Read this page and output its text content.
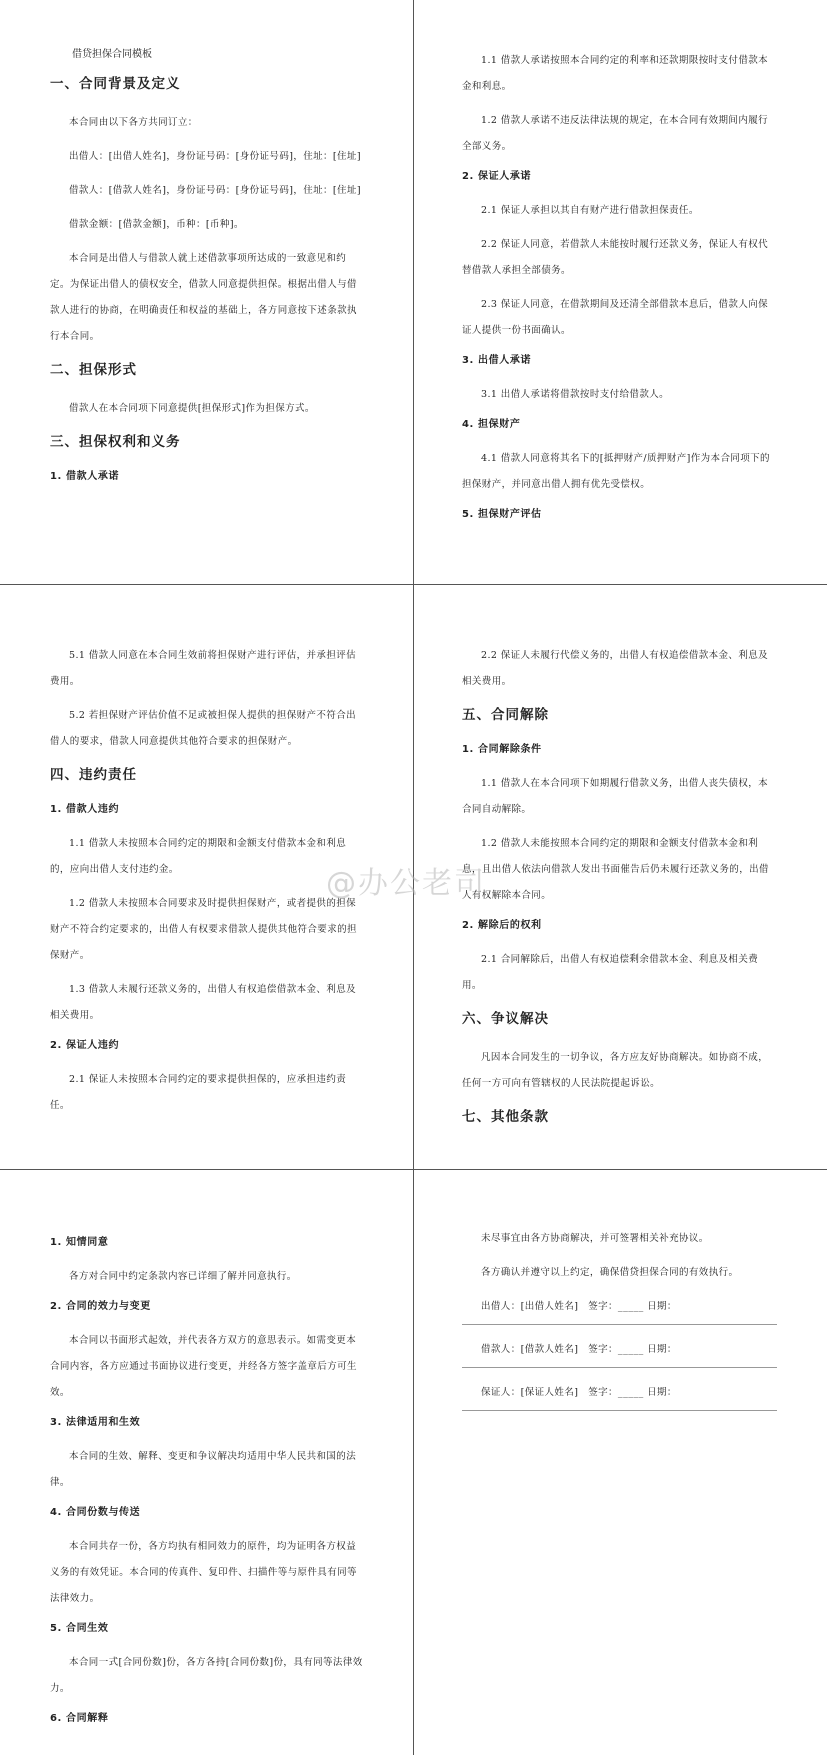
借贷担保合同模板
一、合同背景及定义

本合同由以下各方共同订立：

出借人：[出借人姓名]，身份证号码：[身份证号码]，住址：[住址]

借款人：[借款人姓名]，身份证号码：[身份证号码]，住址：[住址]

借款金额：[借款金额]，币种：[币种]。

本合同是出借人与借款人就上述借款事项所达成的一致意见和约定。为保证出借人的债权安全，借款人同意提供担保。根据出借人与借款人进行的协商，在明确责任和权益的基础上，各方同意按下述条款执行本合同。

二、担保形式

借款人在本合同项下同意提供[担保形式]作为担保方式。

三、担保权利和义务
1. 借款人承诺

1.1 借款人承诺按照本合同约定的利率和还款期限按时支付借款本金和利息。

1.2 借款人承诺不违反法律法规的规定，在本合同有效期间内履行全部义务。

2. 保证人承诺

2.1 保证人承担以其自有财产进行借款担保责任。

2.2 保证人同意，若借款人未能按时履行还款义务，保证人有权代替借款人承担全部债务。

2.3 保证人同意，在借款期间及还清全部借款本息后，借款人向保证人提供一份书面确认。

3. 出借人承诺

3.1 出借人承诺将借款按时支付给借款人。

4. 担保财产

4.1 借款人同意将其名下的[抵押财产/质押财产]作为本合同项下的担保财产，并同意出借人拥有优先受偿权。

5. 担保财产评估

5.1 借款人同意在本合同生效前将担保财产进行评估，并承担评估费用。

5.2 若担保财产评估价值不足或被担保人提供的担保财产不符合出借人的要求，借款人同意提供其他符合要求的担保财产。

四、违约责任
1. 借款人违约

1.1 借款人未按照本合同约定的期限和金额支付借款本金和利息的，应向出借人支付违约金。

1.2 借款人未按照本合同要求及时提供担保财产，或者提供的担保财产不符合约定要求的，出借人有权要求借款人提供其他符合要求的担保财产。

1.3 借款人未履行还款义务的，出借人有权追偿借款本金、利息及相关费用。

2. 保证人违约

2.1 保证人未按照本合同约定的要求提供担保的，应承担违约责任。

2.2 保证人未履行代偿义务的，出借人有权追偿借款本金、利息及相关费用。

五、合同解除
1. 合同解除条件

1.1 借款人在本合同项下如期履行借款义务，出借人丧失债权，本合同自动解除。

1.2 借款人未能按照本合同约定的期限和金额支付借款本金和利息，且出借人依法向借款人发出书面催告后仍未履行还款义务的，出借人有权解除本合同。

2. 解除后的权利

2.1 合同解除后，出借人有权追偿剩余借款本金、利息及相关费用。

六、争议解决

凡因本合同发生的一切争议，各方应友好协商解决。如协商不成，任何一方可向有管辖权的人民法院提起诉讼。

七、其他条款
1. 知情同意

各方对合同中约定条款内容已详细了解并同意执行。

2. 合同的效力与变更

本合同以书面形式起效，并代表各方双方的意思表示。如需变更本合同内容，各方应通过书面协议进行变更，并经各方签字盖章后方可生效。

3. 法律适用和生效

本合同的生效、解释、变更和争议解决均适用中华人民共和国的法律。

4. 合同份数与传送

本合同共存一份，各方均执有相同效力的原件，均为证明各方权益义务的有效凭证。本合同的传真件、复印件、扫描件等与原件具有同等法律效力。

5. 合同生效

本合同一式[合同份数]份，各方各持[合同份数]份，具有同等法律效力。

6. 合同解释

未尽事宜由各方协商解决，并可签署相关补充协议。

各方确认并遵守以上约定，确保借贷担保合同的有效执行。

出借人：[出借人姓名]　签字：_____ 日期：

借款人：[借款人姓名]　签字：_____ 日期：

保证人：[保证人姓名]　签字：_____ 日期：

@办公老司
